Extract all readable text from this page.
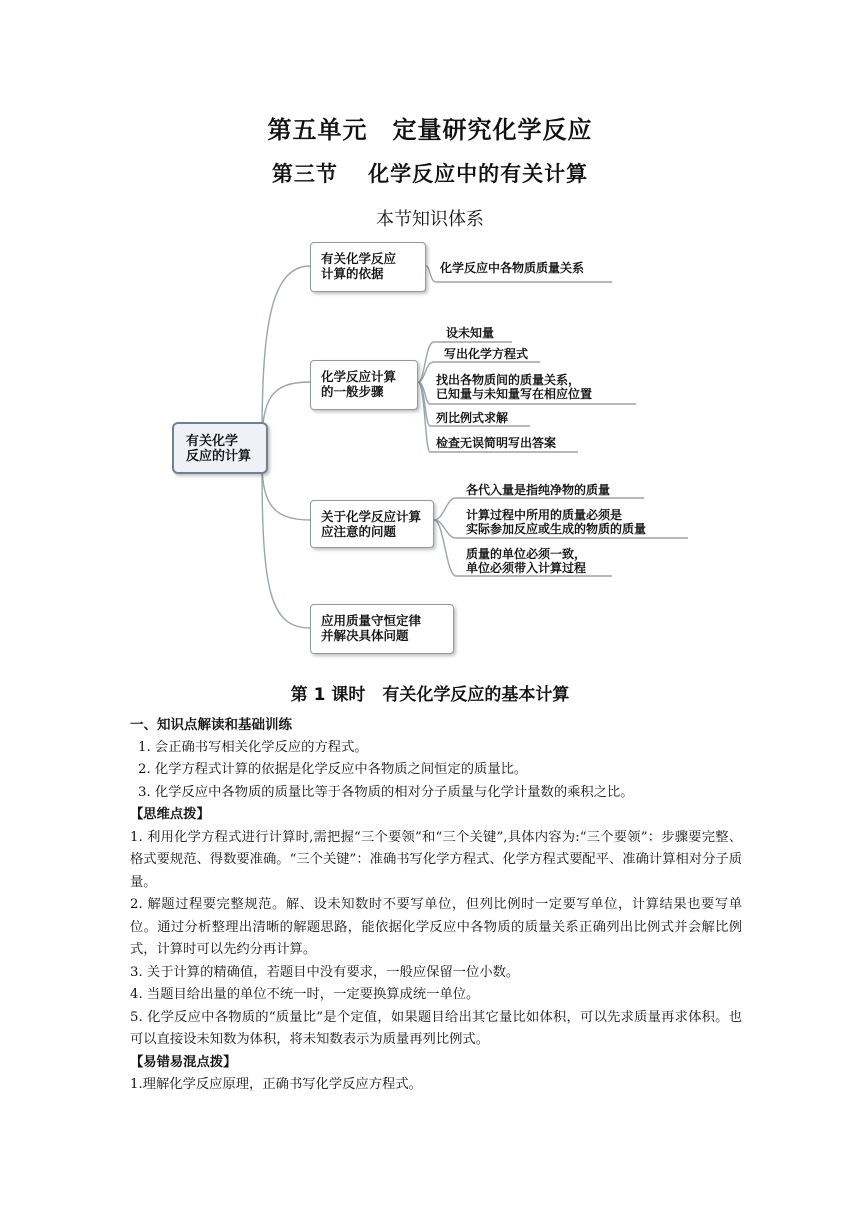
第五单元　定量研究化学反应
第三节　 化学反应中的有关计算
本节知识体系
有关化学
反应的计算
有关化学反应
计算的依据
化学反应计算
的一般步骤
关于化学反应计算
应注意的问题
应用质量守恒定律
并解决具体问题
化学反应中各物质质量关系
设未知量
写出化学方程式
找出各物质间的质量关系，
已知量与未知量写在相应位置
列比例式求解
检查无误简明写出答案
各代入量是指纯净物的质量
计算过程中所用的质量必须是
实际参加反应或生成的物质的质量
质量的单位必须一致，
单位必须带入计算过程
第 1 课时　有关化学反应的基本计算

一、知识点解读和基础训练

1. 会正确书写相关化学反应的方程式。

2. 化学方程式计算的依据是化学反应中各物质之间恒定的质量比。

3. 化学反应中各物质的质量比等于各物质的相对分子质量与化学计量数的乘积之比。

【思维点拨】

1. 利用化学方程式进行计算时,需把握“三个要领”和“三个关键”,具体内容为:“三个要领”：步骤要完整、格式要规范、得数要准确。“三个关键”：准确书写化学方程式、化学方程式要配平、准确计算相对分子质量。

2. 解题过程要完整规范。解、设未知数时不要写单位，但列比例时一定要写单位，计算结果也要写单位。通过分析整理出清晰的解题思路，能依据化学反应中各物质的质量关系正确列出比例式并会解比例式，计算时可以先约分再计算。

3. 关于计算的精确值，若题目中没有要求，一般应保留一位小数。

4. 当题目给出量的单位不统一时，一定要换算成统一单位。

5. 化学反应中各物质的“质量比”是个定值，如果题目给出其它量比如体积，可以先求质量再求体积。也可以直接设未知数为体积，将未知数表示为质量再列比例式。

【易错易混点拨】

1.理解化学反应原理，正确书写化学反应方程式。
